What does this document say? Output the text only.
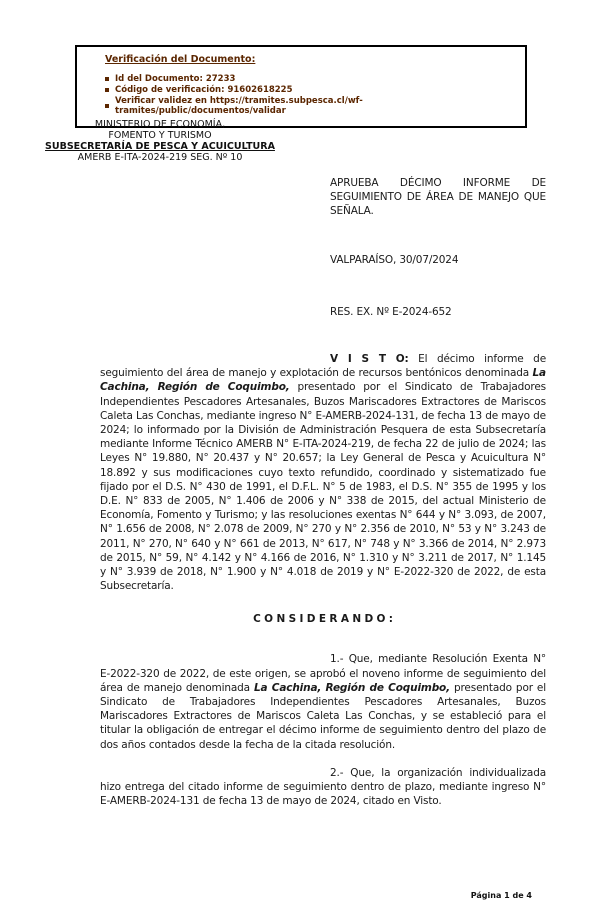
Verificación del Documento:

Id del Documento: 27233
Código de verificación: 91602618225
Verificar validez en https://tramites.subpesca.cl/wf-tramites/public/documentos/validar
MINISTERIO DE ECONOMÍA,
FOMENTO Y TURISMO
SUBSECRETARÍA DE PESCA Y ACUICULTURA
AMERB E-ITA-2024-219 SEG. Nº 10

APRUEBA DÉCIMO INFORME DE SEGUIMIENTO DE ÁREA DE MANEJO QUE SEÑALA.

VALPARAÍSO, 30/07/2024

RES. EX. Nº E-2024-652

V I S T O: El décimo informe de seguimiento del área de manejo y explotación de recursos bentónicos denominada La Cachina, Región de Coquimbo, presentado por el Sindicato de Trabajadores Independientes Pescadores Artesanales, Buzos Mariscadores Extractores de Mariscos Caleta Las Conchas, mediante ingreso N° E-AMERB-2024-131, de fecha 13 de mayo de 2024; lo informado por la División de Administración Pesquera de esta Subsecretaría mediante Informe Técnico AMERB N° E-ITA-2024-219, de fecha 22 de julio de 2024; las Leyes N° 19.880, N° 20.437 y N° 20.657; la Ley General de Pesca y Acuicultura N° 18.892 y sus modificaciones cuyo texto refundido, coordinado y sistematizado fue fijado por el D.S. N° 430 de 1991, el D.F.L. N° 5 de 1983, el D.S. N° 355 de 1995 y los D.E. N° 833 de 2005, N° 1.406 de 2006 y N° 338 de 2015, del actual Ministerio de Economía, Fomento y Turismo; y las resoluciones exentas N° 644 y N° 3.093, de 2007, N° 1.656 de 2008, N° 2.078 de 2009, N° 270 y N° 2.356 de 2010, N° 53 y N° 3.243 de 2011, N° 270, N° 640 y N° 661 de 2013, N° 617, N° 748 y N° 3.366 de 2014, N° 2.973 de 2015, N° 59, N° 4.142 y N° 4.166 de 2016, N° 1.310 y N° 3.211 de 2017, N° 1.145 y N° 3.939 de 2018, N° 1.900 y N° 4.018 de 2019 y N° E-2022-320 de 2022, de esta Subsecretaría.

C O N S I D E R A N D O :

1.- Que, mediante Resolución Exenta N° E-2022-320 de 2022, de este origen, se aprobó el noveno informe de seguimiento del área de manejo denominada La Cachina, Región de Coquimbo, presentado por el Sindicato de Trabajadores Independientes Pescadores Artesanales, Buzos Mariscadores Extractores de Mariscos Caleta Las Conchas, y se estableció para el titular la obligación de entregar el décimo informe de seguimiento dentro del plazo de dos años contados desde la fecha de la citada resolución.

2.- Que, la organización individualizada hizo entrega del citado informe de seguimiento dentro de plazo, mediante ingreso N° E-AMERB-2024-131 de fecha 13 de mayo de 2024, citado en Visto.

Página 1 de 4
